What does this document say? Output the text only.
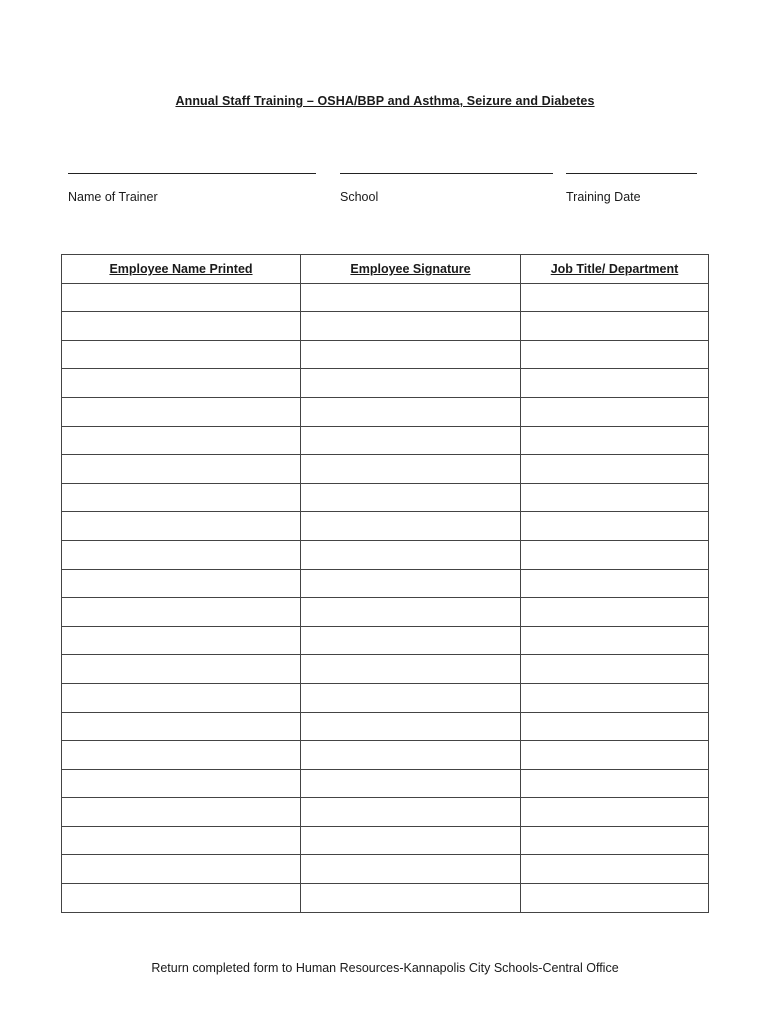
Annual Staff Training – OSHA/BBP and Asthma, Seizure and Diabetes
Name of Trainer	School	Training Date
Employee Name Printed	Employee Signature	Job Title/ Department

Return completed form to Human Resources-Kannapolis City Schools-Central Office
